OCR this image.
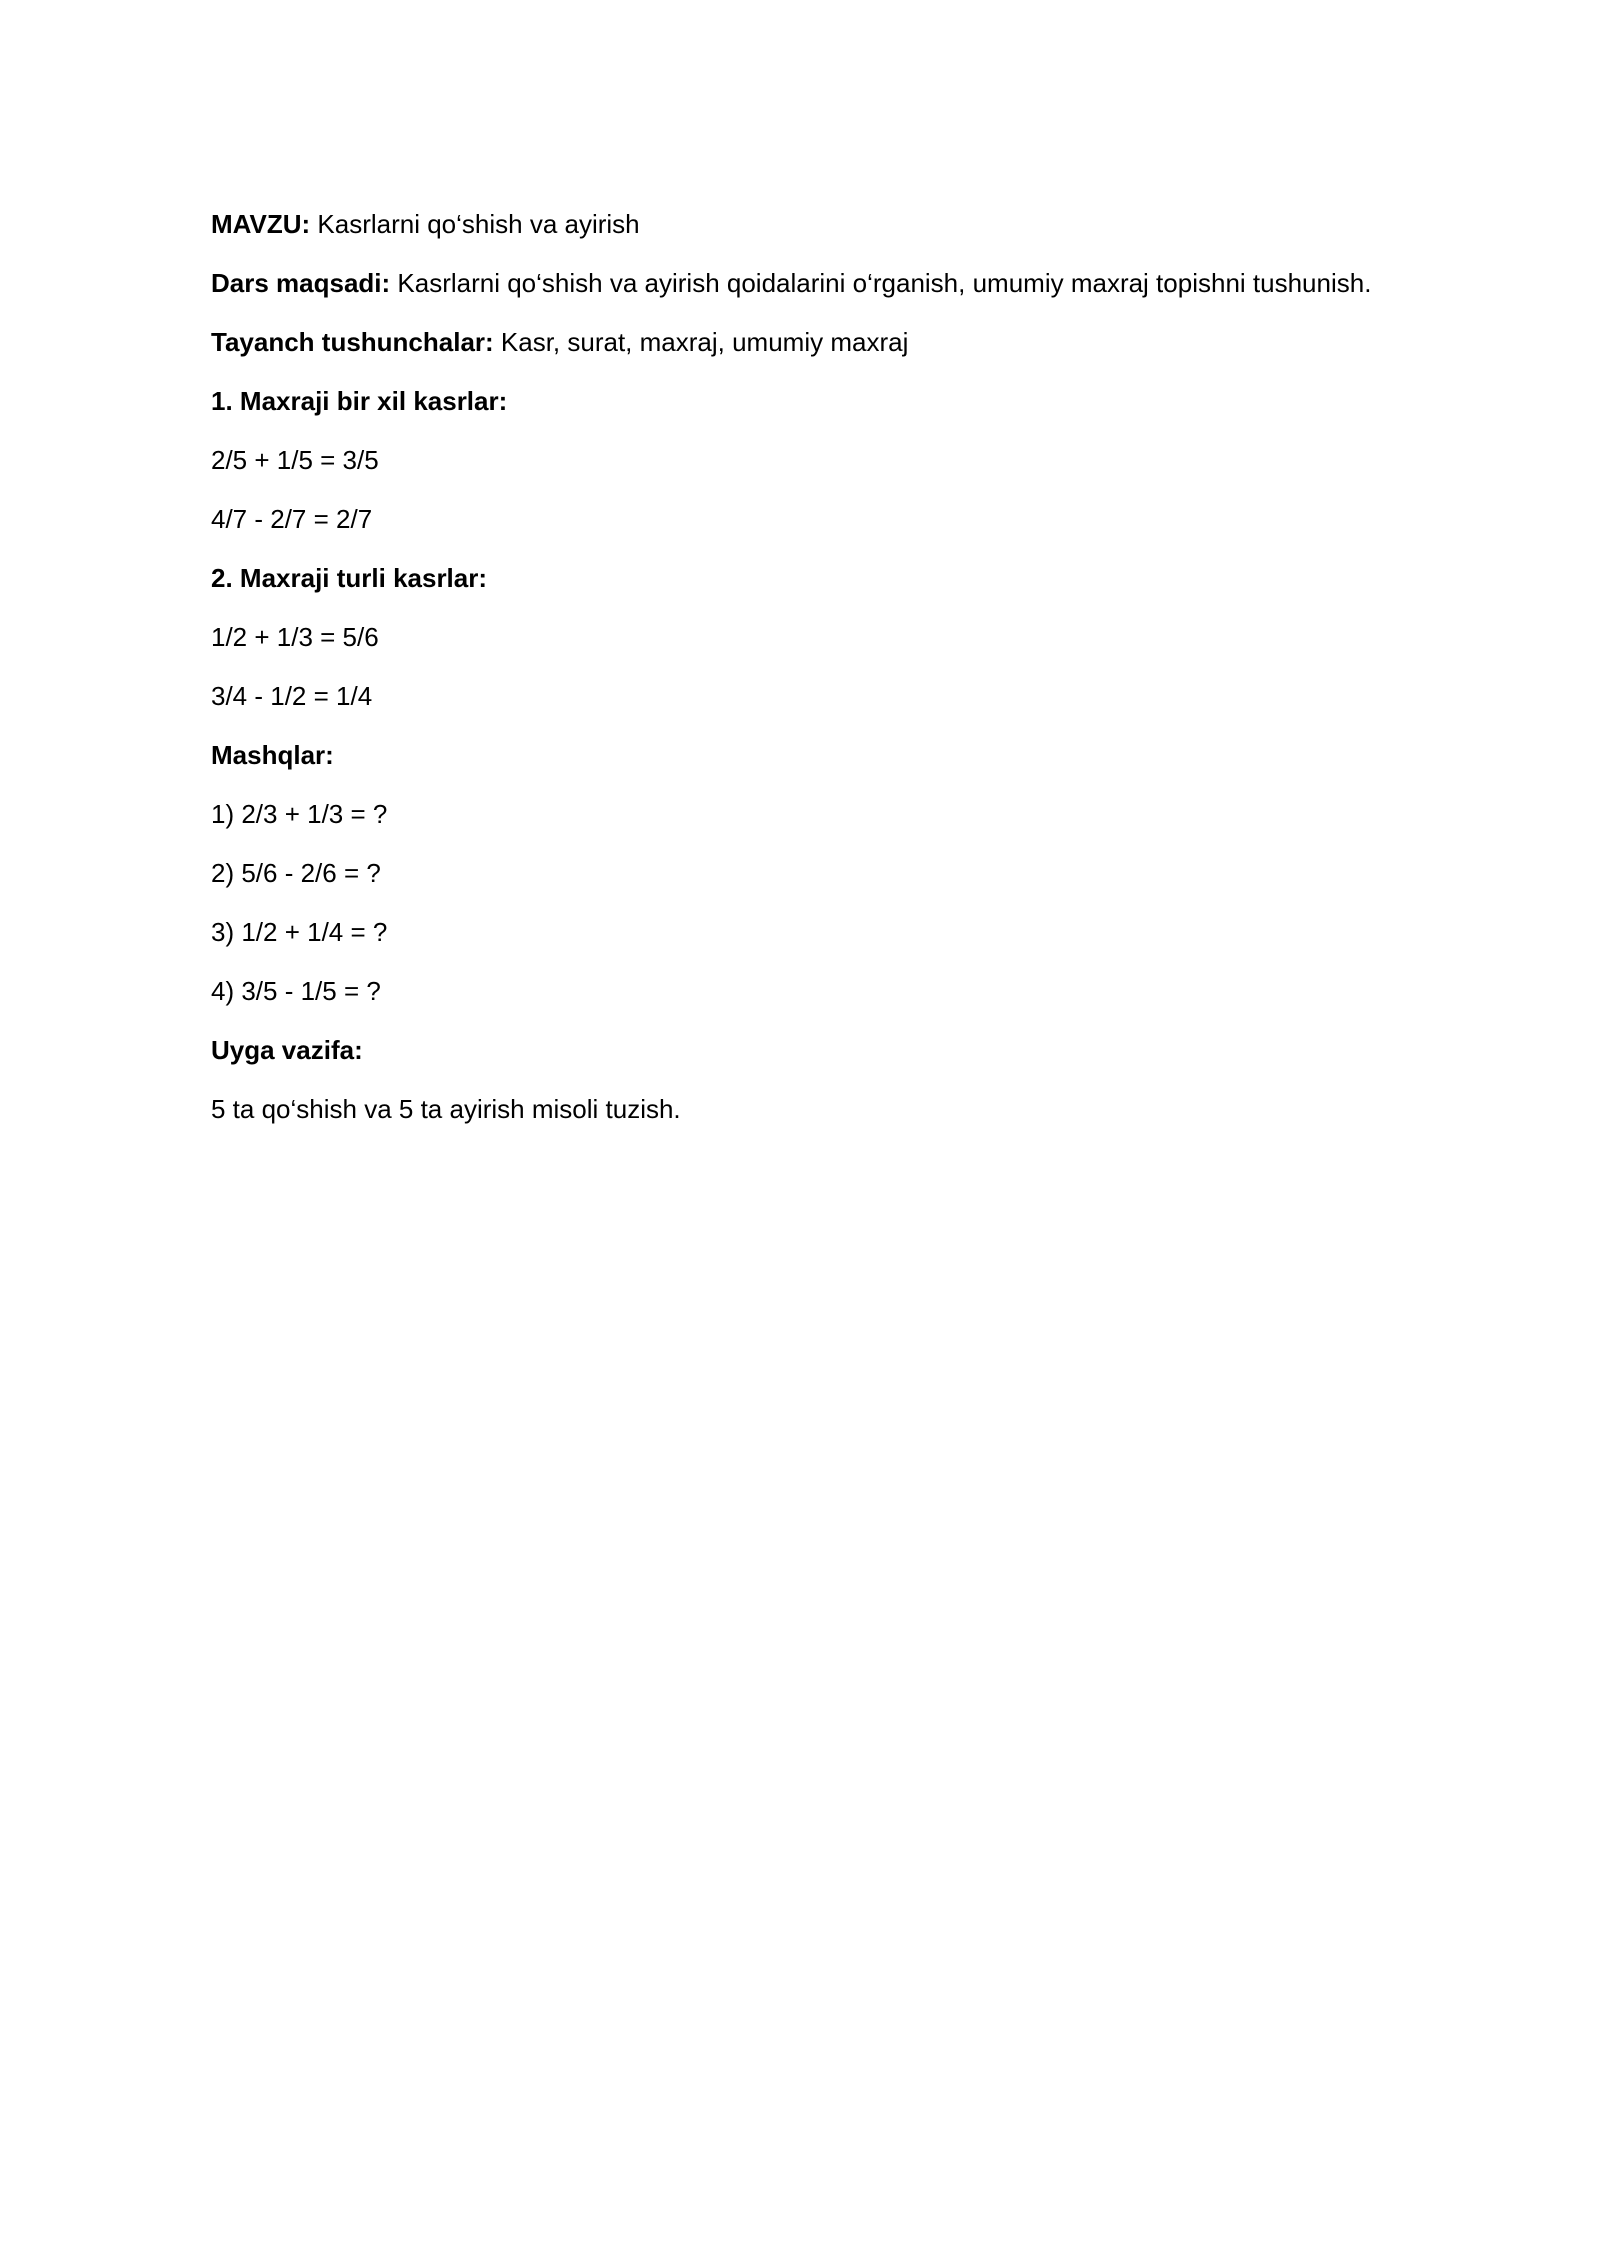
MAVZU: Kasrlarni qo‘shish va ayirish

Dars maqsadi: Kasrlarni qo‘shish va ayirish qoidalarini o‘rganish, umumiy maxraj topishni tushunish.

Tayanch tushunchalar: Kasr, surat, maxraj, umumiy maxraj

1. Maxraji bir xil kasrlar:

2/5 + 1/5 = 3/5

4/7 - 2/7 = 2/7

2. Maxraji turli kasrlar:

1/2 + 1/3 = 5/6

3/4 - 1/2 = 1/4

Mashqlar:

1) 2/3 + 1/3 = ?

2) 5/6 - 2/6 = ?

3) 1/2 + 1/4 = ?

4) 3/5 - 1/5 = ?

Uyga vazifa:

5 ta qo‘shish va 5 ta ayirish misoli tuzish.
